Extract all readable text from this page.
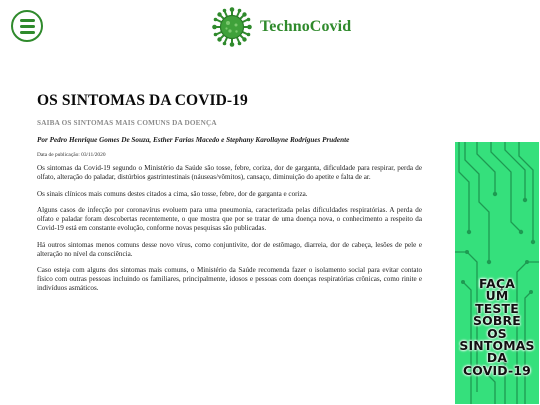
TechnoCovid
OS SINTOMAS DA COVID-19
SAIBA OS SINTOMAS MAIS COMUNS DA DOENÇA
Por Pedro Henrique Gomes De Souza, Esther Farias Macedo e Stephany Karollayne Rodrigues Prudente
Data de publicação: 03/11/2020

Os sintomas da Covid-19 segundo o Ministério da Saúde são tosse, febre, coriza, dor de garganta, dificuldade para respirar, perda de olfato, alteração do paladar, distúrbios gastrintestinais (náuseas/vômitos), cansaço, diminuição do apetite e falta de ar.

Os sinais clínicos mais comuns destes citados a cima, são tosse, febre, dor de garganta e coriza.

Alguns casos de infecção por coronavírus evoluem para uma pneumonia, caracterizada pelas dificuldades respiratórias. A perda de olfato e paladar foram descobertas recentemente, o que mostra que por se tratar de uma doença nova, o conhecimento a respeito da Covid-19 está em constante evolução, conforme novas pesquisas são publicadas.

Há outros sintomas menos comuns desse novo vírus, como conjuntivite, dor de estômago, diarreia, dor de cabeça, lesões de pele e alteração no nível da consciência.

Caso esteja com alguns dos sintomas mais comuns, o Ministério da Saúde recomenda fazer o isolamento social para evitar contato físico com outras pessoas incluindo os familiares, principalmente, idosos e pessoas com doenças respiratórias crônicas, como rinite e indivíduos asmáticos.	FAÇA
UM
TESTE
SOBRE
OS
SINTOMAS
DA
COVID-19
